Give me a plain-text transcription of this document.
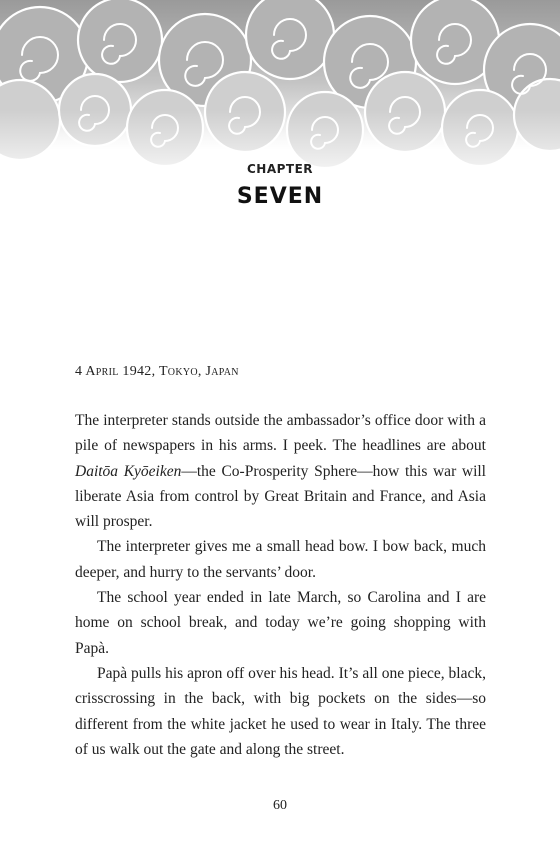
CHAPTER
SEVEN
4 April 1942, Tokyo, Japan

The interpreter stands outside the ambassador’s office door with a pile of newspapers in his arms. I peek. The headlines are about Daitōa Kyōeiken—the Co-Prosperity Sphere—how this war will liberate Asia from control by Great Britain and France, and Asia will prosper.

The interpreter gives me a small head bow. I bow back, much deeper, and hurry to the servants’ door.

The school year ended in late March, so Carolina and I are home on school break, and today we’re going shopping with Papà.

Papà pulls his apron off over his head. It’s all one piece, black, crisscrossing in the back, with big pockets on the sides—so different from the white jacket he used to wear in Italy. The three of us walk out the gate and along the street.

60
